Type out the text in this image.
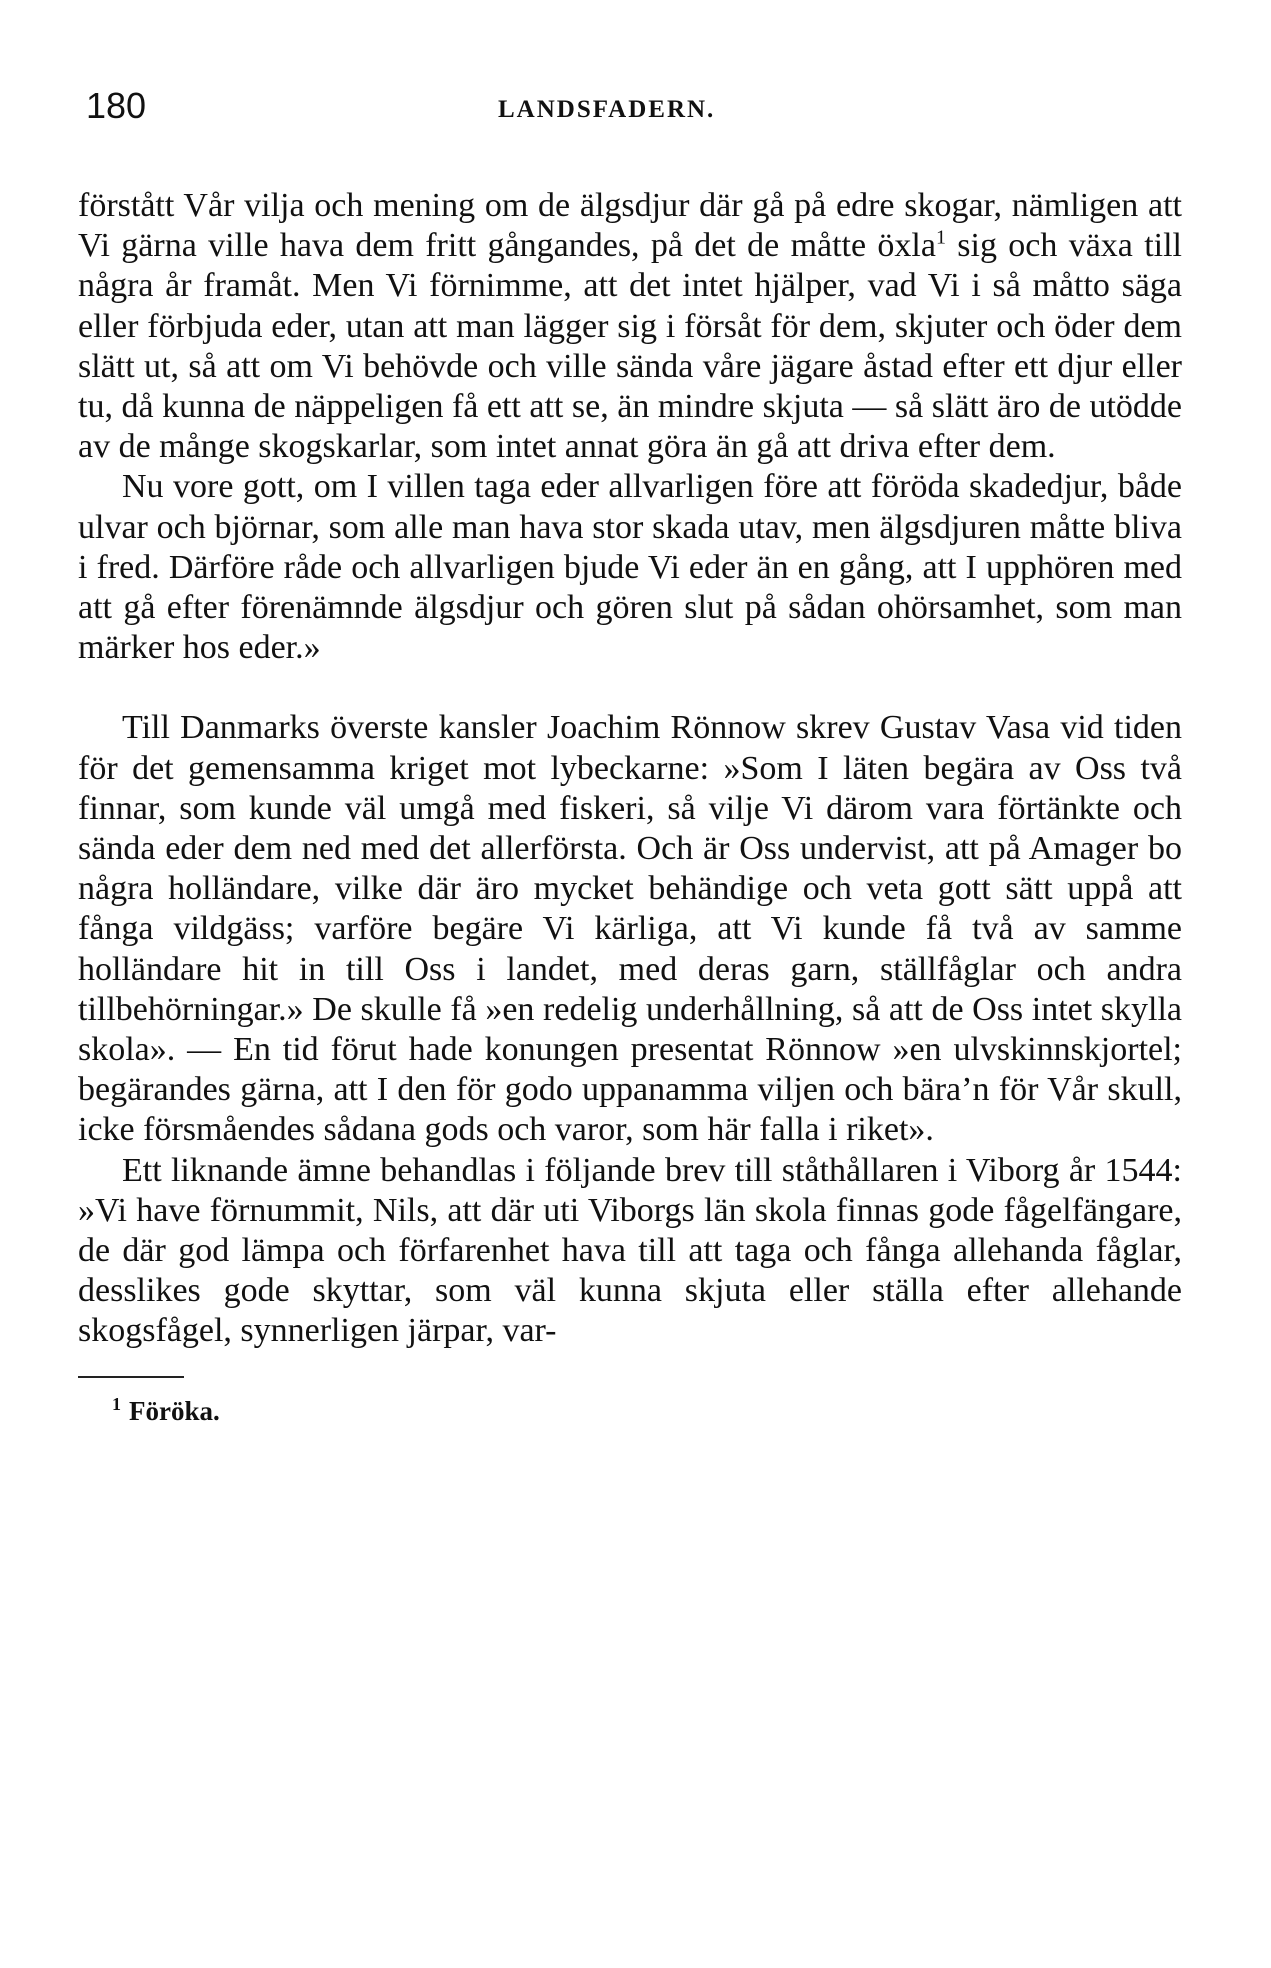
180	LANDSFADERN.

förstått Vår vilja och mening om de älgsdjur där gå på edre skogar, nämligen att Vi gärna ville hava dem fritt gångandes, på det de måtte öxla$^1$ sig och växa till några år framåt. Men Vi förnimme, att det intet hjälper, vad Vi i så måtto säga eller förbjuda eder, utan att man lägger sig i försåt för dem, skjuter och öder dem slätt ut, så att om Vi behövde och ville sända våre jägare åstad efter ett djur eller tu, då kunna de näppeligen få ett att se, än mindre skjuta — så slätt äro de utödde av de månge skogskarlar, som intet annat göra än gå att driva efter dem.

Nu vore gott, om I villen taga eder allvarligen före att föröda skadedjur, både ulvar och björnar, som alle man hava stor skada utav, men älgsdjuren måtte bliva i fred. Därföre råde och allvarligen bjude Vi eder än en gång, att I upphören med att gå efter förenämnde älgsdjur och gören slut på sådan ohörsamhet, som man märker hos eder.»

Till Danmarks överste kansler Joachim Rönnow skrev Gustav Vasa vid tiden för det gemensamma kriget mot lybeckarne: »Som I läten begära av Oss två finnar, som kunde väl umgå med fiskeri, så vilje Vi därom vara förtänkte och sända eder dem ned med det allerförsta. Och är Oss undervist, att på Amager bo några holländare, vilke där äro mycket behändige och veta gott sätt uppå att fånga vildgäss; varföre begäre Vi kärliga, att Vi kunde få två av samme holländare hit in till Oss i landet, med deras garn, ställfåglar och andra tillbehörningar.» De skulle få »en redelig underhållning, så att de Oss intet skylla skola». — En tid förut hade konungen presentat Rönnow »en ulvskinnskjortel; begärandes gärna, att I den för godo uppanamma viljen och bära’n för Vår skull, icke försmåendes sådana gods och varor, som här falla i riket».

Ett liknande ämne behandlas i följande brev till ståthållaren i Viborg år 1544: »Vi have förnummit, Nils, att där uti Viborgs län skola finnas gode fågelfängare, de där god lämpa och förfarenhet hava till att taga och fånga allehanda fåglar, desslikes gode skyttar, som väl kunna skjuta eller ställa efter allehande skogsfågel, synnerligen järpar, var-

$^1$ Föröka.
